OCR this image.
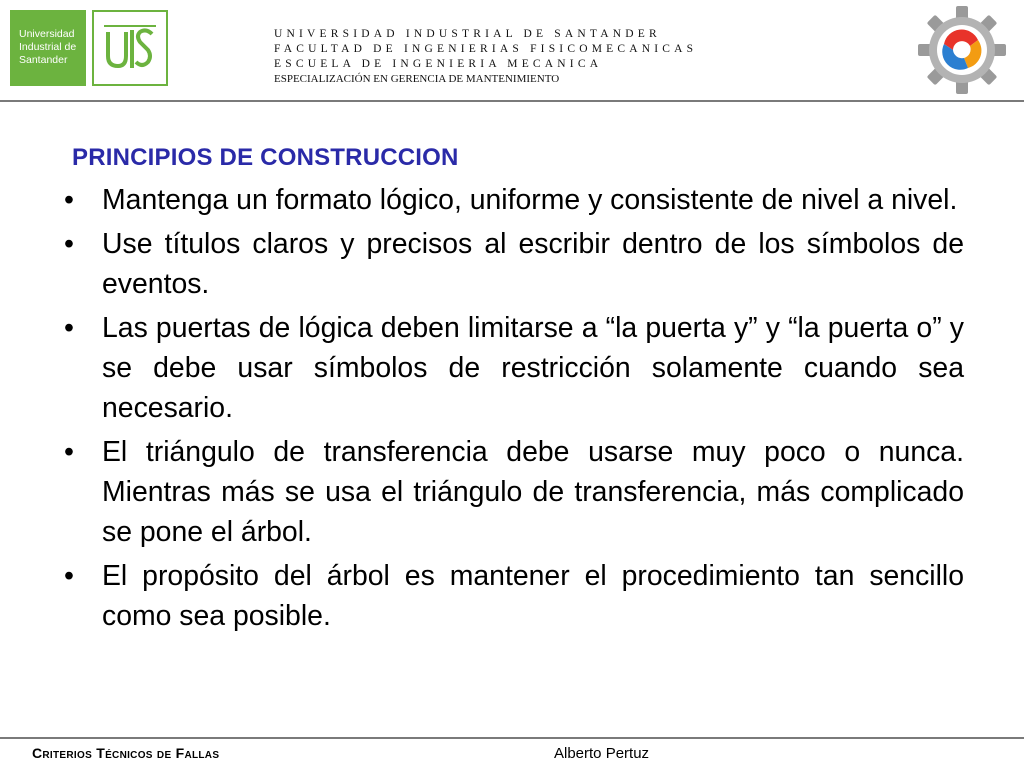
Universidad
Industrial de
Santander
UNIVERSIDAD INDUSTRIAL DE SANTANDER
FACULTAD DE INGENIERIAS FISICOMECANICAS
ESCUELA DE INGENIERIA MECANICA
ESPECIALIZACIÓN EN GERENCIA DE MANTENIMIENTO
PRINCIPIOS DE CONSTRUCCION
• Mantenga un formato lógico, uniforme y consistente de nivel a nivel.
• Use títulos claros y precisos al escribir dentro de los símbolos de eventos.
• Las puertas de lógica deben limitarse a “la puerta y” y “la puerta o” y se debe usar símbolos de restricción solamente cuando sea necesario.
• El triángulo de transferencia debe usarse muy poco o nunca. Mientras más se usa el triángulo de transferencia, más complicado se pone el árbol.
• El propósito del árbol es mantener el procedimiento tan sencillo como sea posible.
Criterios Técnicos de Fallas	Alberto Pertuz
